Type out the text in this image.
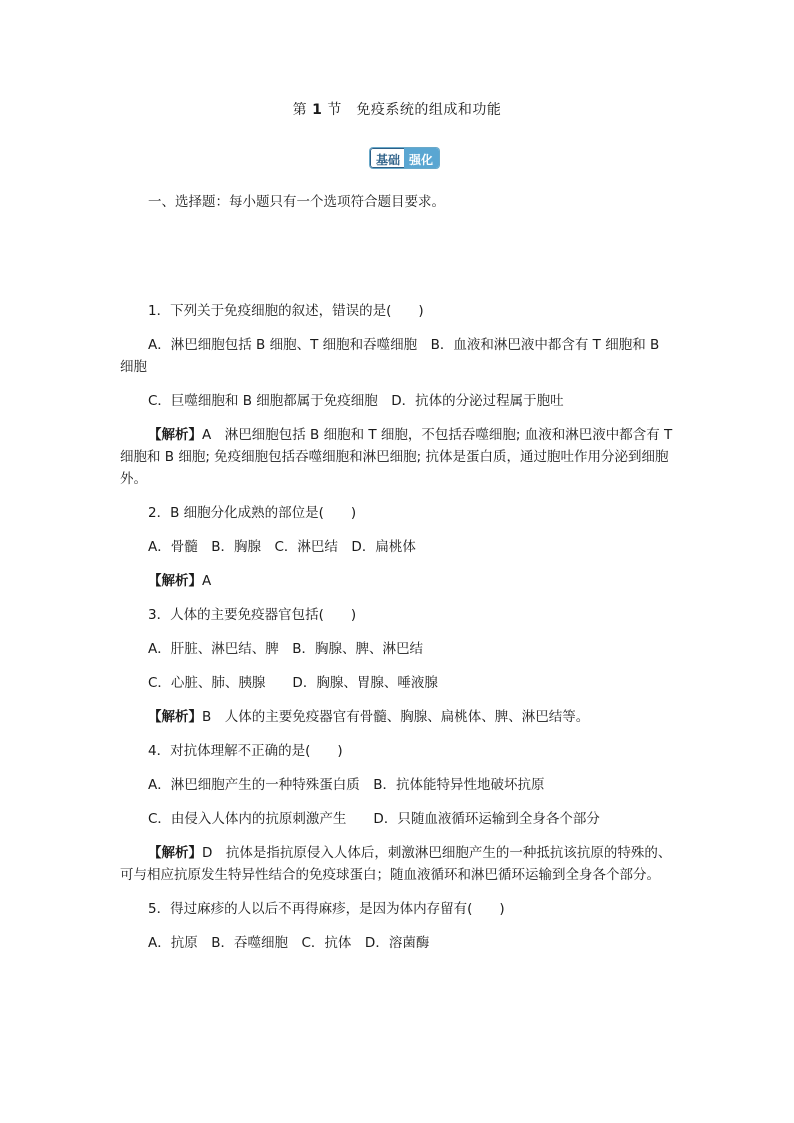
第 1 节　免疫系统的组成和功能
基础 强化
一、选择题：每小题只有一个选项符合题目要求。

1．下列关于免疫细胞的叙述，错误的是(　　)

A．淋巴细胞包括 B 细胞、T 细胞和吞噬细胞　B．血液和淋巴液中都含有 T 细胞和 B 细胞

C．巨噬细胞和 B 细胞都属于免疫细胞　D．抗体的分泌过程属于胞吐

【解析】A　淋巴细胞包括 B 细胞和 T 细胞，不包括吞噬细胞; 血液和淋巴液中都含有 T 细胞和 B 细胞; 免疫细胞包括吞噬细胞和淋巴细胞; 抗体是蛋白质，通过胞吐作用分泌到细胞外。

2．B 细胞分化成熟的部位是(　　)

A．骨髓　B．胸腺　C．淋巴结　D．扁桃体

【解析】A

3．人体的主要免疫器官包括(　　)

A．肝脏、淋巴结、脾　B．胸腺、脾、淋巴结

C．心脏、肺、胰腺　　D．胸腺、胃腺、唾液腺

【解析】B　人体的主要免疫器官有骨髓、胸腺、扁桃体、脾、淋巴结等。

4．对抗体理解不正确的是(　　)

A．淋巴细胞产生的一种特殊蛋白质　B．抗体能特异性地破坏抗原

C．由侵入人体内的抗原刺激产生　　D．只随血液循环运输到全身各个部分

【解析】D　抗体是指抗原侵入人体后，刺激淋巴细胞产生的一种抵抗该抗原的特殊的、可与相应抗原发生特异性结合的免疫球蛋白；随血液循环和淋巴循环运输到全身各个部分。

5．得过麻疹的人以后不再得麻疹，是因为体内存留有(　　)

A．抗原　B．吞噬细胞　C．抗体　D．溶菌酶
